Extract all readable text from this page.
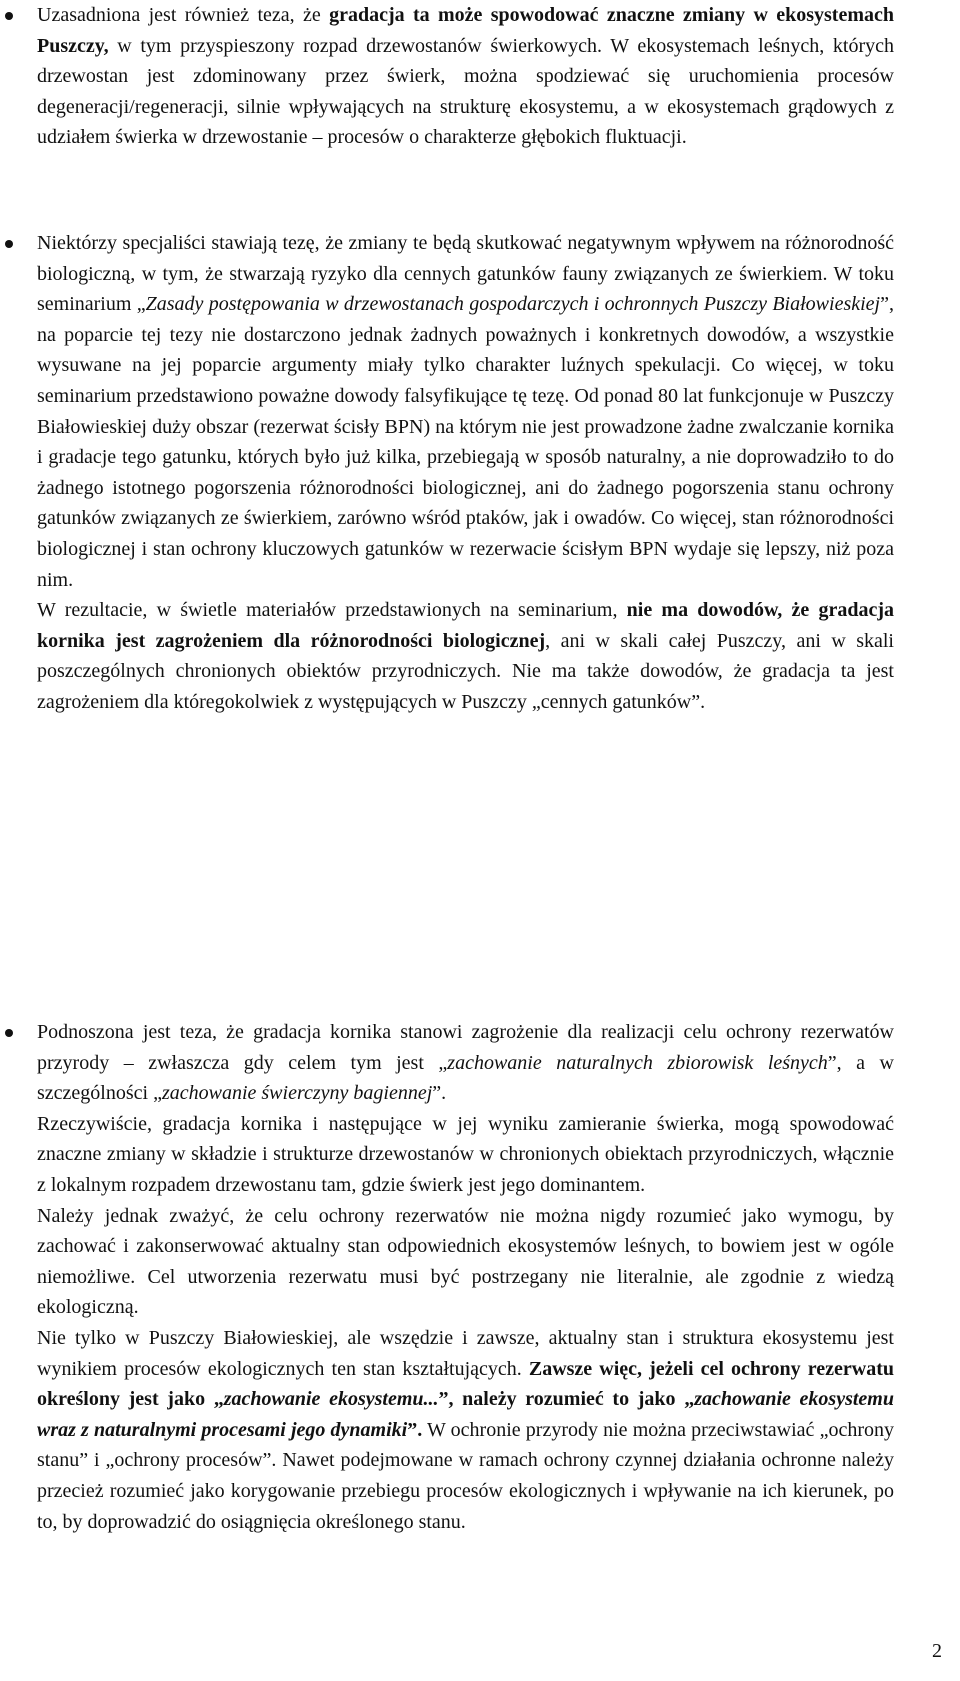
Uzasadniona jest również teza, że gradacja ta może spowodować znaczne zmiany w ekosystemach Puszczy, w tym przyspieszony rozpad drzewostanów świerkowych. W ekosystemach leśnych, których drzewostan jest zdominowany przez świerk, można spodziewać się uruchomienia procesów degeneracji/regeneracji, silnie wpływających na strukturę ekosystemu, a w ekosystemach grądowych z udziałem świerka w drzewostanie – procesów o charakterze głębokich fluktuacji.

Niektórzy specjaliści stawiają tezę, że zmiany te będą skutkować negatywnym wpływem na różnorodność biologiczną, w tym, że stwarzają ryzyko dla cennych gatunków fauny związanych ze świerkiem. W toku seminarium „Zasady postępowania w drzewostanach gospodarczych i ochronnych Puszczy Białowieskiej”, na poparcie tej tezy nie dostarczono jednak żadnych poważnych i konkretnych dowodów, a wszystkie wysuwane na jej poparcie argumenty miały tylko charakter luźnych spekulacji. Co więcej, w toku seminarium przedstawiono poważne dowody falsyfikujące tę tezę. Od ponad 80 lat funkcjonuje w Puszczy Białowieskiej duży obszar (rezerwat ścisły BPN) na którym nie jest prowadzone żadne zwalczanie kornika i gradacje tego gatunku, których było już kilka, przebiegają w sposób naturalny, a nie doprowadziło to do żadnego istotnego pogorszenia różnorodności biologicznej, ani do żadnego pogorszenia stanu ochrony gatunków związanych ze świerkiem, zarówno wśród ptaków, jak i owadów. Co więcej, stan różnorodności biologicznej i stan ochrony kluczowych gatunków w rezerwacie ścisłym BPN wydaje się lepszy, niż poza nim.

W rezultacie, w świetle materiałów przedstawionych na seminarium, nie ma dowodów, że gradacja kornika jest zagrożeniem dla różnorodności biologicznej, ani w skali całej Puszczy, ani w skali poszczególnych chronionych obiektów przyrodniczych. Nie ma także dowodów, że gradacja ta jest zagrożeniem dla któregokolwiek z występujących w Puszczy „cennych gatunków”.

Podnoszona jest teza, że gradacja kornika stanowi zagrożenie dla realizacji celu ochrony rezerwatów przyrody – zwłaszcza gdy celem tym jest „zachowanie naturalnych zbiorowisk leśnych”, a w szczególności „zachowanie świerczyny bagiennej”.

Rzeczywiście, gradacja kornika i następujące w jej wyniku zamieranie świerka, mogą spowodować znaczne zmiany w składzie i strukturze drzewostanów w chronionych obiektach przyrodniczych, włącznie z lokalnym rozpadem drzewostanu tam, gdzie świerk jest jego dominantem.

Należy jednak zważyć, że celu ochrony rezerwatów nie można nigdy rozumieć jako wymogu, by zachować i zakonserwować aktualny stan odpowiednich ekosystemów leśnych, to bowiem jest w ogóle niemożliwe. Cel utworzenia rezerwatu musi być postrzegany nie literalnie, ale zgodnie z wiedzą ekologiczną.

Nie tylko w Puszczy Białowieskiej, ale wszędzie i zawsze, aktualny stan i struktura ekosystemu jest wynikiem procesów ekologicznych ten stan kształtujących. Zawsze więc, jeżeli cel ochrony rezerwatu określony jest jako „zachowanie ekosystemu...”, należy rozumieć to jako „zachowanie ekosystemu wraz z naturalnymi procesami jego dynamiki”. W ochronie przyrody nie można przeciwstawiać „ochrony stanu” i „ochrony procesów”. Nawet podejmowane w ramach ochrony czynnej działania ochronne należy przecież rozumieć jako korygowanie przebiegu procesów ekologicznych i wpływanie na ich kierunek, po to, by doprowadzić do osiągnięcia określonego stanu.

2
